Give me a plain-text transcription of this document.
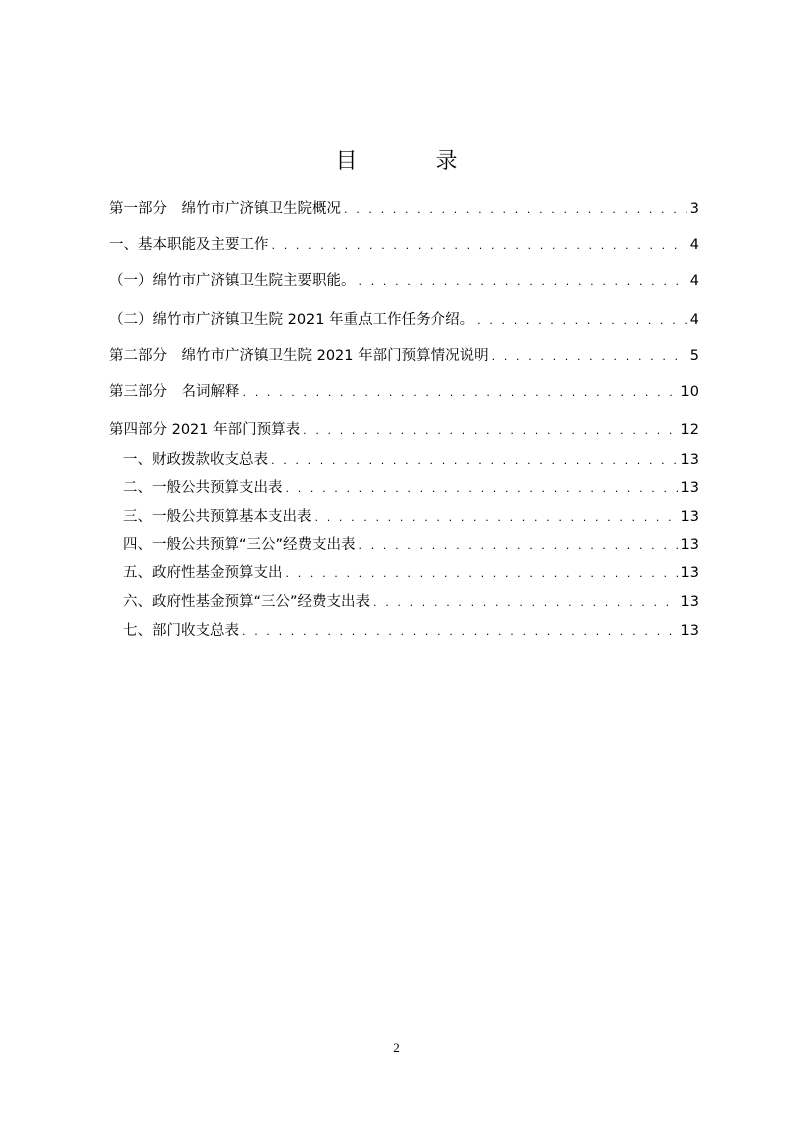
目　录
第一部分　绵竹市广济镇卫生院概况 . . .	3
一、基本职能及主要工作 . . .	4
（一）绵竹市广济镇卫生院主要职能。 . . .	4
（二）绵竹市广济镇卫生院 2021 年重点工作任务介绍。 . . .	4
第二部分　绵竹市广济镇卫生院 2021 年部门预算情况说明 . . .	5
第三部分　名词解释 . . .	10
第四部分 2021 年部门预算表 . . .	12
一、财政拨款收支总表 . . .	13
二、一般公共预算支出表 . . .	13
三、一般公共预算基本支出表 . . .	13
四、一般公共预算“三公”经费支出表 . . .	13
五、政府性基金预算支出 . . .	13
六、政府性基金预算“三公”经费支出表 . . .	13
七、部门收支总表 . . .	13
2
